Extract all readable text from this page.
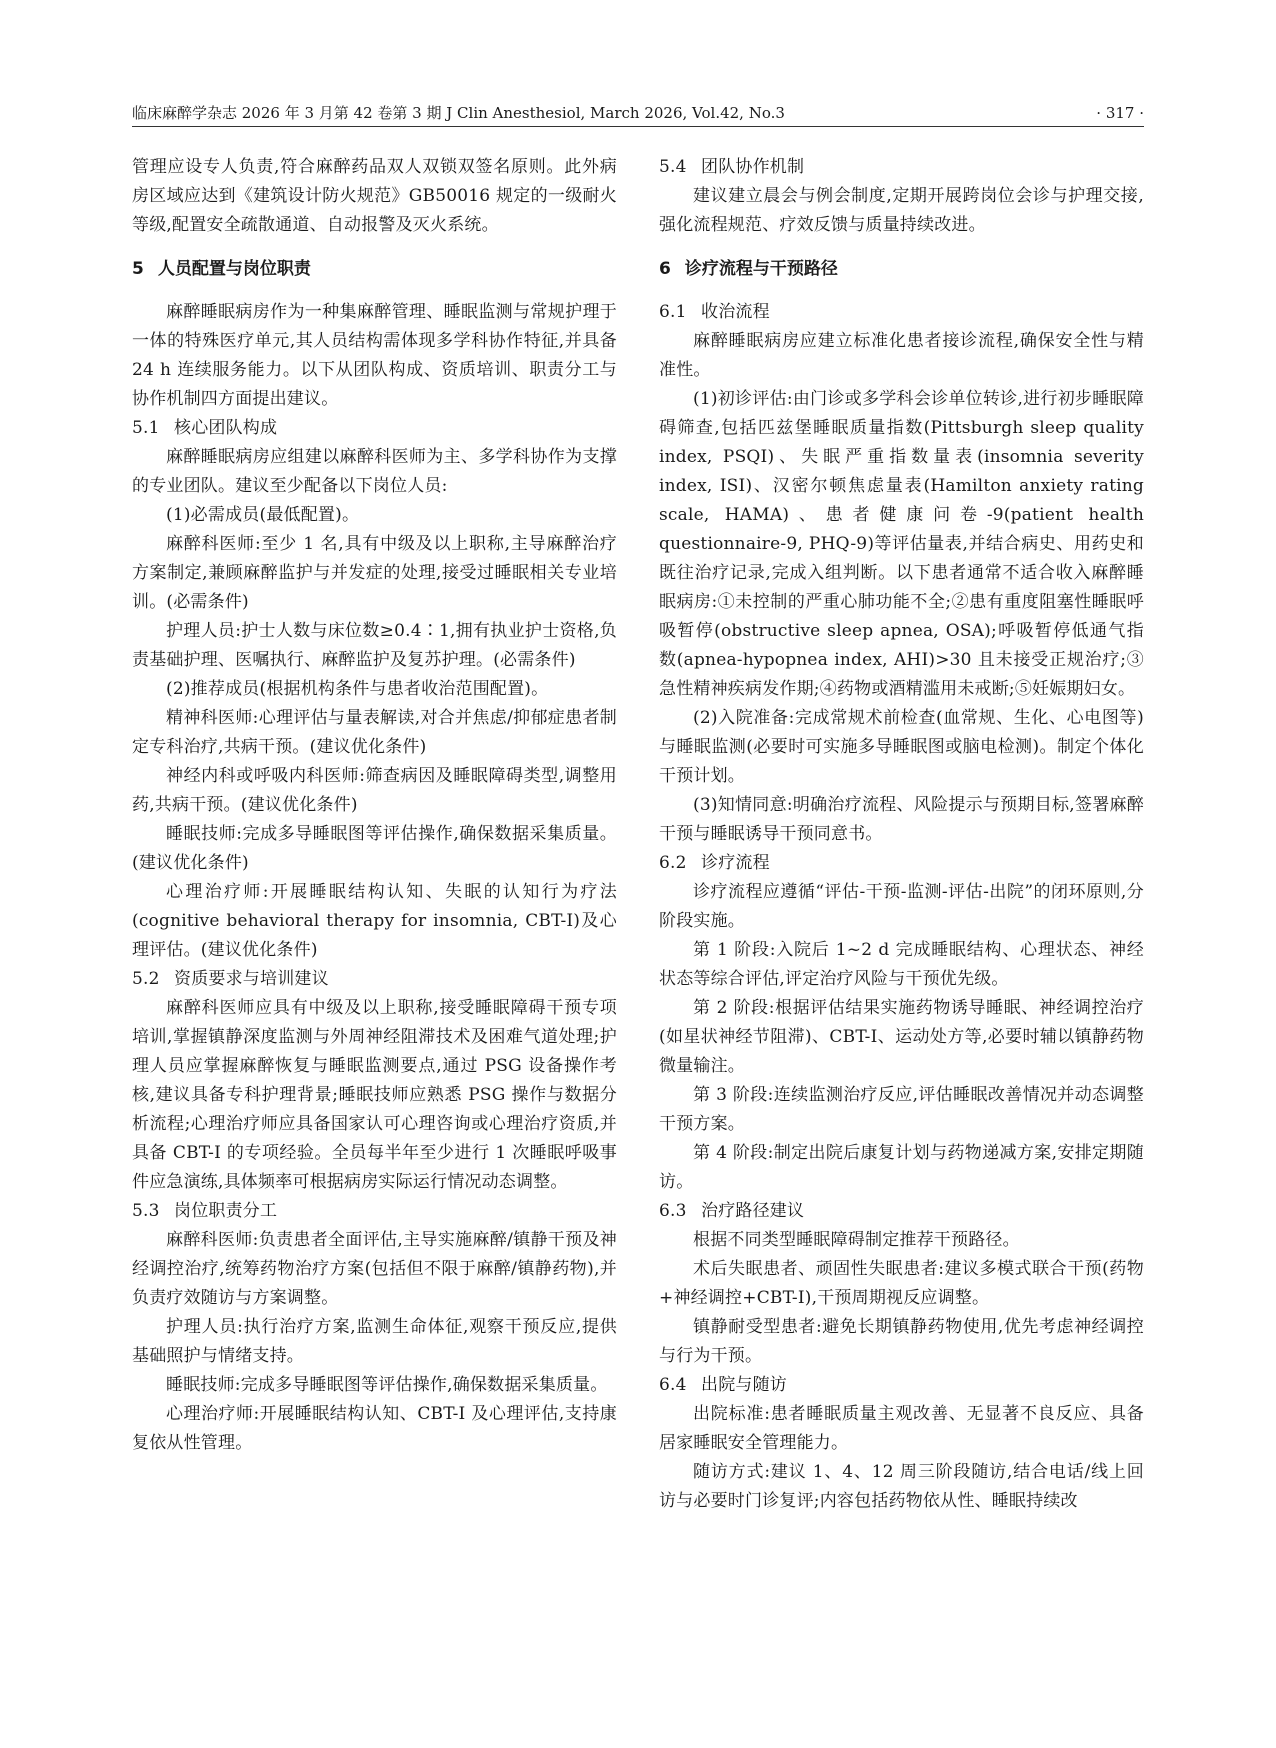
临床麻醉学杂志 2026 年 3 月第 42 卷第 3 期 J Clin Anesthesiol, March 2026, Vol.42, No.3	· 317 ·

管理应设专人负责,符合麻醉药品双人双锁双签名原则。此外病房区域应达到《建筑设计防火规范》GB50016 规定的一级耐火等级,配置安全疏散通道、自动报警及灭火系统。

5 人员配置与岗位职责

麻醉睡眠病房作为一种集麻醉管理、睡眠监测与常规护理于一体的特殊医疗单元,其人员结构需体现多学科协作特征,并具备 24 h 连续服务能力。以下从团队构成、资质培训、职责分工与协作机制四方面提出建议。

5.1 核心团队构成

麻醉睡眠病房应组建以麻醉科医师为主、多学科协作为支撑的专业团队。建议至少配备以下岗位人员:

(1)必需成员(最低配置)。

麻醉科医师:至少 1 名,具有中级及以上职称,主导麻醉治疗方案制定,兼顾麻醉监护与并发症的处理,接受过睡眠相关专业培训。(必需条件)

护理人员:护士人数与床位数≥0.4∶1,拥有执业护士资格,负责基础护理、医嘱执行、麻醉监护及复苏护理。(必需条件)

(2)推荐成员(根据机构条件与患者收治范围配置)。

精神科医师:心理评估与量表解读,对合并焦虑/抑郁症患者制定专科治疗,共病干预。(建议优化条件)

神经内科或呼吸内科医师:筛查病因及睡眠障碍类型,调整用药,共病干预。(建议优化条件)

睡眠技师:完成多导睡眠图等评估操作,确保数据采集质量。(建议优化条件)

心理治疗师:开展睡眠结构认知、失眠的认知行为疗法(cognitive behavioral therapy for insomnia, CBT-I)及心理评估。(建议优化条件)

5.2 资质要求与培训建议

麻醉科医师应具有中级及以上职称,接受睡眠障碍干预专项培训,掌握镇静深度监测与外周神经阻滞技术及困难气道处理;护理人员应掌握麻醉恢复与睡眠监测要点,通过 PSG 设备操作考核,建议具备专科护理背景;睡眠技师应熟悉 PSG 操作与数据分析流程;心理治疗师应具备国家认可心理咨询或心理治疗资质,并具备 CBT-I 的专项经验。全员每半年至少进行 1 次睡眠呼吸事件应急演练,具体频率可根据病房实际运行情况动态调整。

5.3 岗位职责分工

麻醉科医师:负责患者全面评估,主导实施麻醉/镇静干预及神经调控治疗,统筹药物治疗方案(包括但不限于麻醉/镇静药物),并负责疗效随访与方案调整。

护理人员:执行治疗方案,监测生命体征,观察干预反应,提供基础照护与情绪支持。

睡眠技师:完成多导睡眠图等评估操作,确保数据采集质量。

心理治疗师:开展睡眠结构认知、CBT-I 及心理评估,支持康复依从性管理。

5.4 团队协作机制

建议建立晨会与例会制度,定期开展跨岗位会诊与护理交接,强化流程规范、疗效反馈与质量持续改进。

6 诊疗流程与干预路径

6.1 收治流程

麻醉睡眠病房应建立标准化患者接诊流程,确保安全性与精准性。

(1)初诊评估:由门诊或多学科会诊单位转诊,进行初步睡眠障碍筛查,包括匹兹堡睡眠质量指数(Pittsburgh sleep quality index, PSQI)、失眠严重指数量表(insomnia severity index, ISI)、汉密尔顿焦虑量表(Hamilton anxiety rating scale, HAMA)、患者健康问卷-9(patient health questionnaire-9, PHQ-9)等评估量表,并结合病史、用药史和既往治疗记录,完成入组判断。以下患者通常不适合收入麻醉睡眠病房:①未控制的严重心肺功能不全;②患有重度阻塞性睡眠呼吸暂停(obstructive sleep apnea, OSA);呼吸暂停低通气指数(apnea-hypopnea index, AHI)>30 且未接受正规治疗;③急性精神疾病发作期;④药物或酒精滥用未戒断;⑤妊娠期妇女。

(2)入院准备:完成常规术前检查(血常规、生化、心电图等)与睡眠监测(必要时可实施多导睡眠图或脑电检测)。制定个体化干预计划。

(3)知情同意:明确治疗流程、风险提示与预期目标,签署麻醉干预与睡眠诱导干预同意书。

6.2 诊疗流程

诊疗流程应遵循“评估-干预-监测-评估-出院”的闭环原则,分阶段实施。

第 1 阶段:入院后 1~2 d 完成睡眠结构、心理状态、神经状态等综合评估,评定治疗风险与干预优先级。

第 2 阶段:根据评估结果实施药物诱导睡眠、神经调控治疗(如星状神经节阻滞)、CBT-I、运动处方等,必要时辅以镇静药物微量输注。

第 3 阶段:连续监测治疗反应,评估睡眠改善情况并动态调整干预方案。

第 4 阶段:制定出院后康复计划与药物递减方案,安排定期随访。

6.3 治疗路径建议

根据不同类型睡眠障碍制定推荐干预路径。

术后失眠患者、顽固性失眠患者:建议多模式联合干预(药物+神经调控+CBT-I),干预周期视反应调整。

镇静耐受型患者:避免长期镇静药物使用,优先考虑神经调控与行为干预。

6.4 出院与随访

出院标准:患者睡眠质量主观改善、无显著不良反应、具备居家睡眠安全管理能力。

随访方式:建议 1、4、12 周三阶段随访,结合电话/线上回访与必要时门诊复评;内容包括药物依从性、睡眠持续改
